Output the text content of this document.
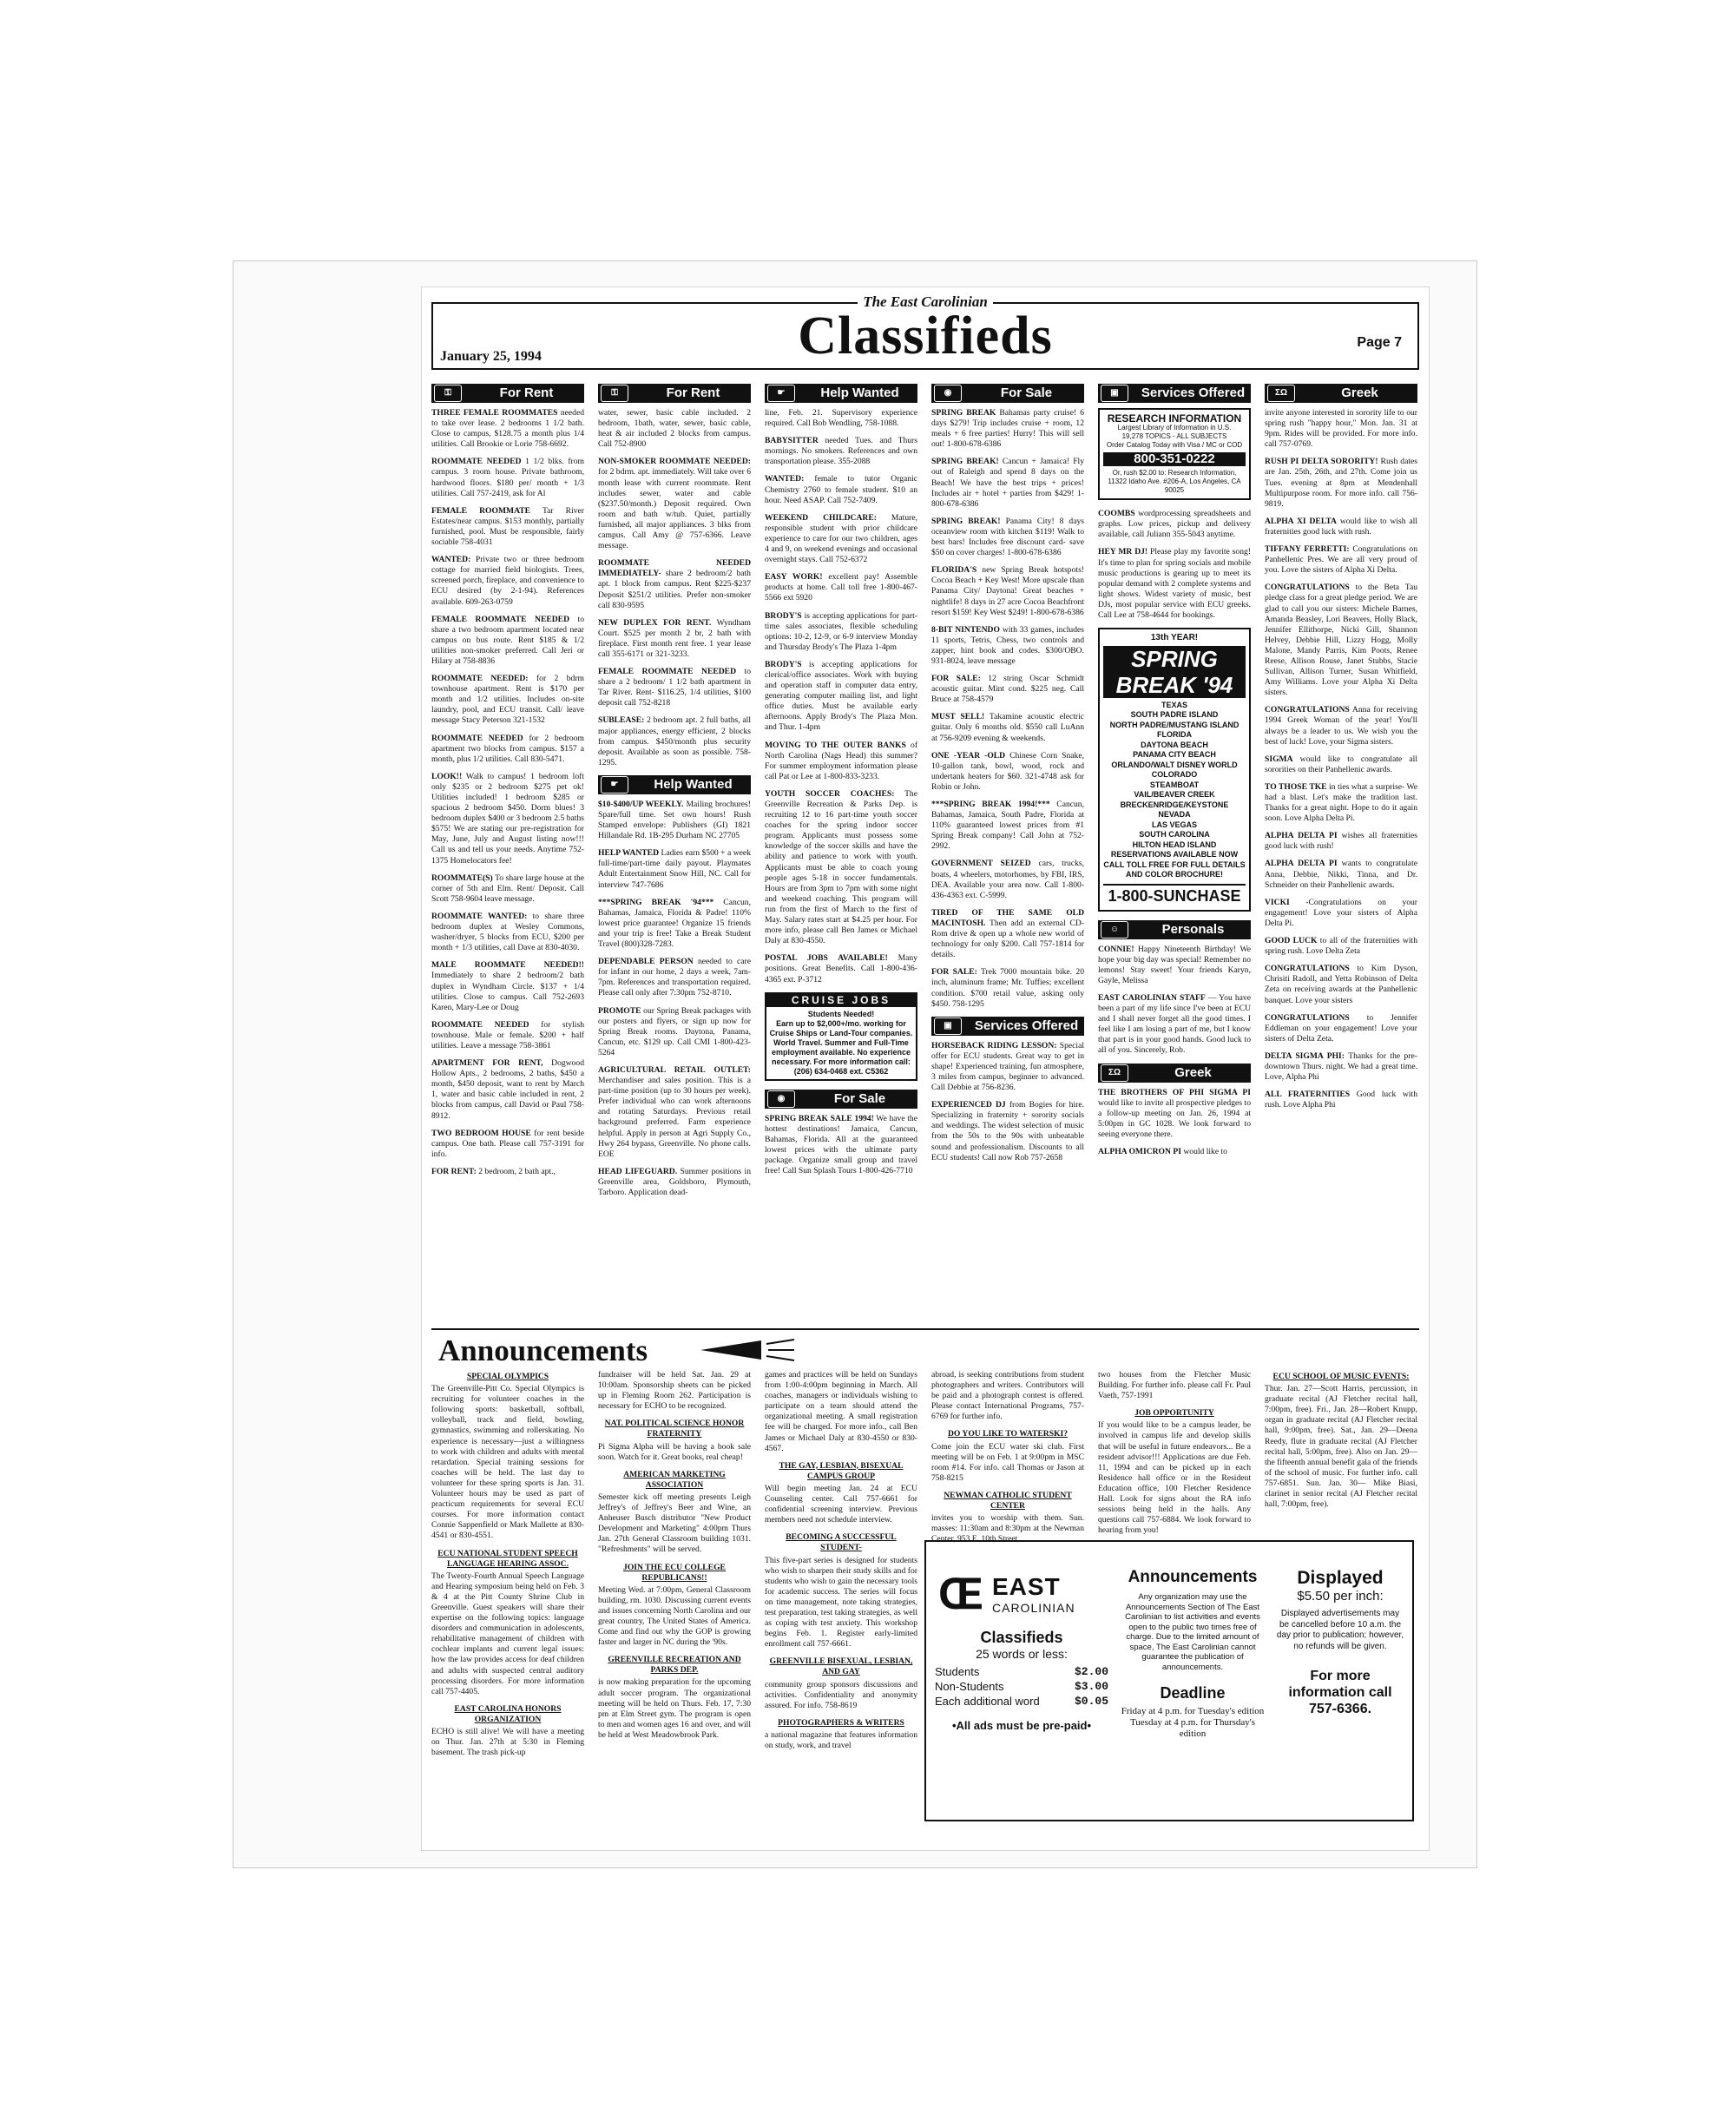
The East Carolinian
Classifieds
January 25, 1994
Page 7
⚿	For Rent
THREE FEMALE ROOMMATES needed to take over lease. 2 bedrooms 1 1/2 bath. Close to campus, $128.75 a month plus 1/4 utilities. Call Brookie or Lorie 758-6692.
ROOMMATE NEEDED 1 1/2 blks. from campus. 3 room house. Private bathroom, hardwood floors. $180 per/ month + 1/3 utilities. Call 757-2419, ask for Al
FEMALE ROOMMATE Tar River Estates/near campus. $153 monthly, partially furnished, pool. Must be responsible, fairly sociable 758-4031
WANTED: Private two or three bedroom cottage for married field biologists. Trees, screened porch, fireplace, and convenience to ECU desired (by 2-1-94). References available. 609-263-0759
FEMALE ROOMMATE NEEDED to share a two bedroom apartment located near campus on bus route. Rent $185 & 1/2 utilities non-smoker preferred. Call Jeri or Hilary at 758-8836
ROOMMATE NEEDED: for 2 bdrm townhouse apartment. Rent is $170 per month and 1/2 utilities. Includes on-site laundry, pool, and ECU transit. Call/ leave message Stacy Peterson 321-1532
ROOMMATE NEEDED for 2 bedroom apartment two blocks from campus. $157 a month, plus 1/2 utilities. Call 830-5471.
LOOK!! Walk to campus! 1 bedroom loft only $235 or 2 bedroom $275 pet ok! Utilities included! 1 bedroom $285 or spacious 2 bedroom $450. Dorm blues! 3 bedroom duplex $400 or 3 bedroom 2.5 baths $575! We are stating our pre-registration for May, June, July and August listing now!!! Call us and tell us your needs. Anytime 752-1375 Homelocators fee!
ROOMMATE(S) To share large house at the corner of 5th and Elm. Rent/ Deposit. Call Scott 758-9604 leave message.
ROOMMATE WANTED: to share three bedroom duplex at Wesley Commons, washer/dryer, 5 blocks from ECU, $200 per month + 1/3 utilities, call Dave at 830-4030.
MALE ROOMMATE NEEDED!! Immediately to share 2 bedroom/2 bath duplex in Wyndham Circle. $137 + 1/4 utilities. Close to campus. Call 752-2693 Karen, Mary-Lee or Doug
ROOMMATE NEEDED for stylish townhouse. Male or female. $200 + half utilities. Leave a message 758-3861
APARTMENT FOR RENT, Dogwood Hollow Apts., 2 bedrooms, 2 baths, $450 a month, $450 deposit, want to rent by March 1, water and basic cable included in rent, 2 blocks from campus, call David or Paul 758-8912.
TWO BEDROOM HOUSE for rent beside campus. One bath. Please call 757-3191 for info.
FOR RENT: 2 bedroom, 2 bath apt.,
⚿	For Rent
water, sewer, basic cable included. 2 bedroom, 1bath, water, sewer, basic cable, heat & air included 2 blocks from campus. Call 752-8900
NON-SMOKER ROOMMATE NEEDED: for 2 bdrm. apt. immediately. Will take over 6 month lease with current roommate. Rent includes sewer, water and cable ($237.50/month.) Deposit required. Own room and bath w/tub. Quiet, partially furnished, all major appliances. 3 blks from campus. Call Amy @ 757-6366. Leave message.
ROOMMATE NEEDED IMMEDIATELY- share 2 bedroom/2 bath apt. 1 block from campus. Rent $225-$237 Deposit $251/2 utilities. Prefer non-smoker call 830-9595
NEW DUPLEX FOR RENT. Wyndham Court. $525 per month 2 br, 2 bath with fireplace. First month rent free. 1 year lease call 355-6171 or 321-3233.
FEMALE ROOMMATE NEEDED to share a 2 bedroom/ 1 1/2 bath apartment in Tar River. Rent- $116.25, 1/4 utilities, $100 deposit call 752-8218
SUBLEASE: 2 bedroom apt. 2 full baths, all major appliances, energy efficient, 2 blocks from campus. $450/month plus security deposit. Available as soon as possible. 758-1295.
☛	Help Wanted
$10-$400/UP WEEKLY. Mailing brochures! Spare/full time. Set own hours! Rush Stamped envelope: Publishers (GI) 1821 Hillandale Rd. 1B-295 Durham NC 27705
HELP WANTED Ladies earn $500 + a week full-time/part-time daily payout. Playmates Adult Entertainment Snow Hill, NC. Call for interview 747-7686
***SPRING BREAK '94*** Cancun, Bahamas, Jamaica, Florida & Padre! 110% lowest price guarantee! Organize 15 friends and your trip is free! Take a Break Student Travel (800)328-7283.
DEPENDABLE PERSON needed to care for infant in our home, 2 days a week, 7am-7pm. References and transportation required. Please call only after 7:30pm 752-8710.
PROMOTE our Spring Break packages with our posters and flyers, or sign up now for Spring Break rooms. Daytona, Panama, Cancun, etc. $129 up. Call CMI 1-800-423-5264
AGRICULTURAL RETAIL OUTLET: Merchandiser and sales position. This is a part-time position (up to 30 hours per week). Prefer individual who can work afternoons and rotating Saturdays. Previous retail background preferred. Farm experience helpful. Apply in person at Agri Supply Co., Hwy 264 bypass, Greenville. No phone calls. EOE
HEAD LIFEGUARD. Summer positions in Greenville area, Goldsboro, Plymouth, Tarboro. Application dead-
☛	Help Wanted
line, Feb. 21. Supervisory experience required. Call Bob Wendling, 758-1088.
BABYSITTER needed Tues. and Thurs mornings. No smokers. References and own transportation please. 355-2088
WANTED: female to tutor Organic Chemistry 2760 to female student. $10 an hour. Need ASAP. Call 752-7409.
WEEKEND CHILDCARE: Mature, responsible student with prior childcare experience to care for our two children, ages 4 and 9, on weekend evenings and occasional overnight stays. Call 752-6372
EASY WORK! excellent pay! Assemble products at home. Call toll free 1-800-467-5566 ext 5920
BRODY'S is accepting applications for part-time sales associates, flexible scheduling options: 10-2, 12-9, or 6-9 interview Monday and Thursday Brody's The Plaza 1-4pm
BRODY'S is accepting applications for clerical/office associates. Work with buying and operation staff in computer data entry, generating computer mailing list, and light office duties. Must be available early afternoons. Apply Brody's The Plaza Mon. and Thur. 1-4pm
MOVING TO THE OUTER BANKS of North Carolina (Nags Head) this summer? For summer employment information please call Pat or Lee at 1-800-833-3233.
YOUTH SOCCER COACHES: The Greenville Recreation & Parks Dep. is recruiting 12 to 16 part-time youth soccer coaches for the spring indoor soccer program. Applicants must possess some knowledge of the soccer skills and have the ability and patience to work with youth. Applicants must be able to coach young people ages 5-18 in soccer fundamentals. Hours are from 3pm to 7pm with some night and weekend coaching. This program will run from the first of March to the first of May. Salary rates start at $4.25 per hour. For more info, please call Ben James or Michael Daly at 830-4550.
POSTAL JOBS AVAILABLE! Many positions. Great Benefits. Call 1-800-436-4365 ext. P-3712
CRUISE JOBS
Students Needed!
Earn up to $2,000+/mo. working for Cruise Ships or Land-Tour companies. World Travel. Summer and Full-Time employment available. No experience necessary. For more information call:
(206) 634-0468 ext. C5362
◉	For Sale
SPRING BREAK SALE 1994! We have the hottest destinations! Jamaica, Cancun, Bahamas, Florida. All at the guaranteed lowest prices with the ultimate party package. Organize small group and travel free! Call Sun Splash Tours 1-800-426-7710
◉	For Sale
SPRING BREAK Bahamas party cruise! 6 days $279! Trip includes cruise + room, 12 meals + 6 free parties! Hurry! This will sell out! 1-800-678-6386
SPRING BREAK! Cancun + Jamaica! Fly out of Raleigh and spend 8 days on the Beach! We have the best trips + prices! Includes air + hotel + parties from $429! 1-800-678-6386
SPRING BREAK! Panama City! 8 days oceanview room with kitchen $119! Walk to best bars! Includes free discount card- save $50 on cover charges! 1-800-678-6386
FLORIDA'S new Spring Break hotspots! Cocoa Beach + Key West! More upscale than Panama City/ Daytona! Great beaches + nightlife! 8 days in 27 acre Cocoa Beachfront resort $159! Key West $249! 1-800-678-6386
8-BIT NINTENDO with 33 games, includes 11 sports, Tetris, Chess, two controls and zapper, hint book and codes. $300/OBO. 931-8024, leave message
FOR SALE: 12 string Oscar Schmidt acoustic guitar. Mint cond. $225 neg. Call Bruce at 758-4579
MUST SELL! Takamine acoustic electric guitar. Only 6 months old. $550 call LuAnn at 756-9209 evening & weekends.
ONE -YEAR -OLD Chinese Corn Snake, 10-gallon tank, bowl, wood, rock and undertank heaters for $60. 321-4748 ask for Robin or John.
***SPRING BREAK 1994!*** Cancun, Bahamas, Jamaica, South Padre, Florida at 110% guaranteed lowest prices from #1 Spring Break company! Call John at 752-2992.
GOVERNMENT SEIZED cars, trucks, boats, 4 wheelers, motorhomes, by FBI, IRS, DEA. Available your area now. Call 1-800-436-4363 ext. C-5999.
TIRED OF THE SAME OLD MACINTOSH. Then add an external CD-Rom drive & open up a whole new world of technology for only $200. Call 757-1814 for details.
FOR SALE: Trek 7000 mountain bike. 20 inch, aluminum frame; Mr. Tuffies; excellent condition. $700 retail value, asking only $450. 758-1295
▣	Services Offered
HORSEBACK RIDING LESSON: Special offer for ECU students. Great way to get in shape! Experienced training, fun atmosphere, 3 miles from campus, beginner to advanced. Call Debbie at 756-8236.
EXPERIENCED DJ from Bogies for hire. Specializing in fraternity + sorority socials and weddings. The widest selection of music from the 50s to the 90s with unbeatable sound and professionalism. Discounts to all ECU students! Call now Rob 757-2658
▣	Services Offered
RESEARCH INFORMATION
Largest Library of Information in U.S.
19,278 TOPICS - ALL SUBJECTS
Order Catalog Today with Visa / MC or COD
800-351-0222
Or, rush $2.00 to: Research Information, 11322 Idaho Ave. #206-A, Los Angeles, CA 90025
COOMBS wordprocessing spreadsheets and graphs. Low prices, pickup and delivery available, call Juliann 355-5043 anytime.
HEY MR DJ! Please play my favorite song! It's time to plan for spring socials and mobile music productions is gearing up to meet its popular demand with 2 complete systems and light shows. Widest variety of music, best DJs, most popular service with ECU greeks. Call Lee at 758-4644 for bookings.
13th YEAR!
SPRING BREAK '94
TEXAS
SOUTH PADRE ISLAND
NORTH PADRE/MUSTANG ISLAND
FLORIDA
DAYTONA BEACH
PANAMA CITY BEACH
ORLANDO/WALT DISNEY WORLD
COLORADO
STEAMBOAT
VAIL/BEAVER CREEK
BRECKENRIDGE/KEYSTONE
NEVADA
LAS VEGAS
SOUTH CAROLINA
HILTON HEAD ISLAND
RESERVATIONS AVAILABLE NOW
CALL TOLL FREE FOR FULL DETAILS AND COLOR BROCHURE!
1-800-SUNCHASE
☺	Personals
CONNIE! Happy Nineteenth Birthday! We hope your big day was special! Remember no lemons! Stay sweet! Your friends Karyn, Gayle, Melissa
EAST CAROLINIAN STAFF — You have been a part of my life since I've been at ECU and I shall never forget all the good times. I feel like I am losing a part of me, but I know that part is in your good hands. Good luck to all of you. Sincerely, Rob.
ΣΩ	Greek
THE BROTHERS OF PHI SIGMA PI would like to invite all prospective pledges to a follow-up meeting on Jan. 26, 1994 at 5:00pm in GC 1028. We look forward to seeing everyone there.
ALPHA OMICRON PI would like to
ΣΩ	Greek
invite anyone interested in sorority life to our spring rush "happy hour," Mon. Jan. 31 at 9pm. Rides will be provided. For more info. call 757-0769.
RUSH PI DELTA SORORITY! Rush dates are Jan. 25th, 26th, and 27th. Come join us Tues. evening at 8pm at Mendenhall Multipurpose room. For more info. call 756-9819.
ALPHA XI DELTA would like to wish all fraternities good luck with rush.
TIFFANY FERRETTI: Congratulations on Panhellenic Pres. We are all very proud of you. Love the sisters of Alpha Xi Delta.
CONGRATULATIONS to the Beta Tau pledge class for a great pledge period. We are glad to call you our sisters: Michele Barnes, Amanda Beasley, Lori Beavers, Holly Black, Jennifer Ellithorpe, Nicki Gill, Shannon Helvey, Debbie Hill, Lizzy Hogg, Molly Malone, Mandy Parris, Kim Poots, Renee Reese, Allison Rouse, Janet Stubbs, Stacie Sullivan, Allison Turner, Susan Whitfield, Amy Williams. Love your Alpha Xi Delta sisters.
CONGRATULATIONS Anna for receiving 1994 Greek Woman of the year! You'll always be a leader to us. We wish you the best of luck! Love, your Sigma sisters.
SIGMA would like to congratulate all sororities on their Panhellenic awards.
TO THOSE TKE in ties what a surprise- We had a blast. Let's make the tradition last. Thanks for a great night. Hope to do it again soon. Love Alpha Delta Pi.
ALPHA DELTA PI wishes all fraternities good luck with rush!
ALPHA DELTA PI wants to congratulate Anna, Debbie, Nikki, Tinna, and Dr. Schneider on their Panhellenic awards.
VICKI -Congratulations on your engagement! Love your sisters of Alpha Delta Pi.
GOOD LUCK to all of the fraternities with spring rush. Love Delta Zeta
CONGRATULATIONS to Kim Dyson, Chrisiti Radoll, and Yetta Robinson of Delta Zeta on receiving awards at the Panhellenic banquet. Love your sisters
CONGRATULATIONS to Jennifer Eddleman on your engagement! Love your sisters of Delta Zeta.
DELTA SIGMA PHI: Thanks for the pre-downtown Thurs. night. We had a great time. Love, Alpha Phi
ALL FRATERNITIES Good luck with rush. Love Alpha Phi
Announcements
SPECIAL OLYMPICS
The Greenville-Pitt Co. Special Olympics is recruiting for volunteer coaches in the following sports: basketball, softball, volleyball, track and field, bowling, gymnastics, swimming and rollerskating. No experience is necessary—just a willingness to work with children and adults with mental retardation. Special training sessions for coaches will be held. The last day to volunteer for these spring sports is Jan. 31. Volunteer hours may be used as part of practicum requirements for several ECU courses. For more information contact Connie Sappenfield or Mark Mallette at 830-4541 or 830-4551.
ECU NATIONAL STUDENT SPEECH LANGUAGE HEARING ASSOC.
The Twenty-Fourth Annual Speech Language and Hearing symposium being held on Feb. 3 & 4 at the Pitt County Shrine Club in Greenville. Guest speakers will share their expertise on the following topics: language disorders and communication in adolescents, rehabilitative management of children with cochlear implants and current legal issues: how the law provides access for deaf children and adults with suspected central auditory processing disorders. For more information call 757-4405.
EAST CAROLINA HONORS ORGANIZATION
ECHO is still alive! We will have a meeting on Thur. Jan. 27th at 5:30 in Fleming basement. The trash pick-up
fundraiser will be held Sat. Jan. 29 at 10:00am. Sponsorship sheets can be picked up in Fleming Room 262. Participation is necessary for ECHO to be recognized.
NAT. POLITICAL SCIENCE HONOR FRATERNITY
Pi Sigma Alpha will be having a book sale soon. Watch for it. Great books, real cheap!
AMERICAN MARKETING ASSOCIATION
Semester kick off meeting presents Leigh Jeffrey's of Jeffrey's Beer and Wine, an Anheuser Busch distributor "New Product Development and Marketing" 4:00pm Thurs Jan. 27th General Classroom building 1031. "Refreshments" will be served.
JOIN THE ECU COLLEGE REPUBLICANS!!
Meeting Wed. at 7:00pm, General Classroom building, rm. 1030. Discussing current events and issues concerning North Carolina and our great country, The United States of America. Come and find out why the GOP is growing faster and larger in NC during the '90s.
GREENVILLE RECREATION AND PARKS DEP.
is now making preparation for the upcoming adult soccer program. The organizational meeting will be held on Thurs. Feb. 17, 7:30 pm at Elm Street gym. The program is open to men and women ages 16 and over, and will be held at West Meadowbrook Park.
games and practices will be held on Sundays from 1:00-4:00pm beginning in March. All coaches, managers or individuals wishing to participate on a team should attend the organizational meeting. A small registration fee will be charged. For more info., call Ben James or Michael Daly at 830-4550 or 830-4567.
THE GAY, LESBIAN, BISEXUAL CAMPUS GROUP
Will begin meeting Jan. 24 at ECU Counseling center. Call 757-6661 for confidential screening interview. Previous members need not schedule interview.
BECOMING A SUCCESSFUL STUDENT-
This five-part series is designed for students who wish to sharpen their study skills and for students who wish to gain the necessary tools for academic success. The series will focus on time management, note taking strategies, test preparation, test taking strategies, as well as coping with test anxiety. This workshop begins Feb. 1. Register early-limited enrollment call 757-6661.
GREENVILLE BISEXUAL, LESBIAN, AND GAY
community group sponsors discussions and activities. Confidentiality and anonymity assured. For info. 758-8619
PHOTOGRAPHERS & WRITERS
a national magazine that features information on study, work, and travel
abroad, is seeking contributions from student photographers and writers. Contributors will be paid and a photograph contest is offered. Please contact International Programs, 757-6769 for further info.
DO YOU LIKE TO WATERSKI?
Come join the ECU water ski club. First meeting will be on Feb. 1 at 9:00pm in MSC room #14. For info. call Thomas or Jason at 758-8215
NEWMAN CATHOLIC STUDENT CENTER
invites you to worship with them. Sun. masses: 11:30am and 8:30pm at the Newman Center, 953 E. 10th Street,
two houses from the Fletcher Music Building. For further info. please call Fr. Paul Vaeth, 757-1991
JOB OPPORTUNITY
If you would like to be a campus leader, be involved in campus life and develop skills that will be useful in future endeavors... Be a resident advisor!!! Applications are due Feb. 11, 1994 and can be picked up in each Residence hall office or in the Resident Education office, 100 Fletcher Residence Hall. Look for signs about the RA info sessions being held in the halls. Any questions call 757-6884. We look forward to hearing from you!
ECU SCHOOL OF MUSIC EVENTS:
Thur. Jan. 27—Scott Harris, percussion, in graduate recital (AJ Fletcher recital hall, 7:00pm, free). Fri., Jan. 28—Robert Knupp, organ in graduate recital (AJ Fletcher recital hall, 9:00pm, free). Sat., Jan. 29—Deena Reedy, flute in graduate recital (AJ Fletcher recital hall, 5:00pm, free). Also on Jan. 29—the fifteenth annual benefit gala of the friends of the school of music. For further info. call 757-6851. Sun. Jan. 30— Mike Biasi, clarinet in senior recital (AJ Fletcher recital hall, 7:00pm, free).
Œ EAST
CAROLINIAN
Classifieds
25 words or less:
Students	$2.00
Non-Students	$3.00
Each additional word	$0.05
•All ads must be pre-paid•
Announcements
Any organization may use the Announcements Section of The East Carolinian to list activities and events open to the public two times free of charge. Due to the limited amount of space, The East Carolinian cannot guarantee the publication of announcements.
Deadline
Friday at 4 p.m. for Tuesday's edition Tuesday at 4 p.m. for Thursday's edition
Displayed
$5.50 per inch:
Displayed advertisements may be cancelled before 10 a.m. the day prior to publication; however, no refunds will be given.
For more information call 757-6366.
